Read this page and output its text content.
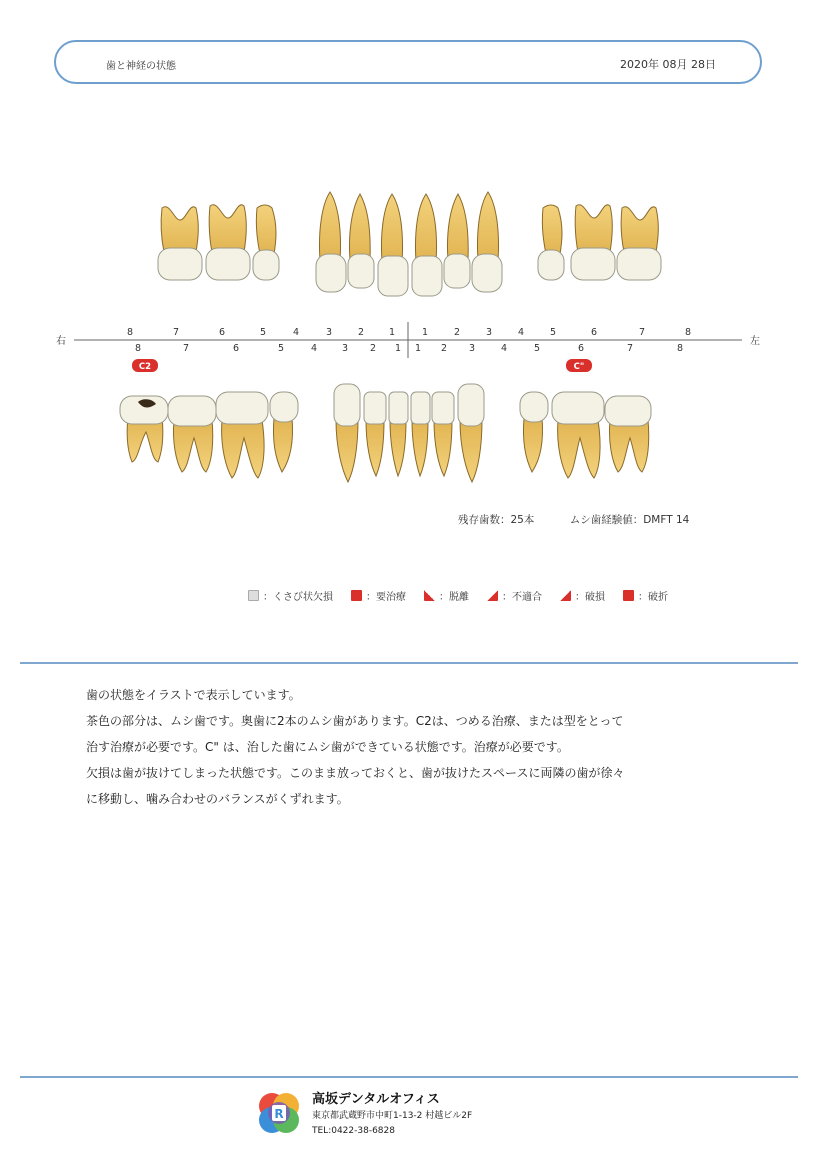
歯と神経の状態	2020年 08月 28日
右	左
8	7	6	5	4	3	2	1	1	2	3	4	5	6	7	8
8	7	6	5	4	3 2 1 1 2 3	4	5	6	7	8
C2	C"
残存歯数：25本	ムシ歯経験値：DMFT 14
：くさび状欠損	：要治療	：脱離	：不適合	：破損	：破折

歯の状態をイラストで表示しています。

茶色の部分は、ムシ歯です。奥歯に2本のムシ歯があります。C2は、つめる治療、または型をとって

治す治療が必要です。C" は、治した歯にムシ歯ができている状態です。治療が必要です。

欠損は歯が抜けてしまった状態です。このまま放っておくと、歯が抜けたスペースに両隣の歯が徐々

に移動し、噛み合わせのバランスがくずれます。

R
高坂デンタルオフィス
東京都武蔵野市中町1-13-2 村越ビル2F
TEL:0422-38-6828
